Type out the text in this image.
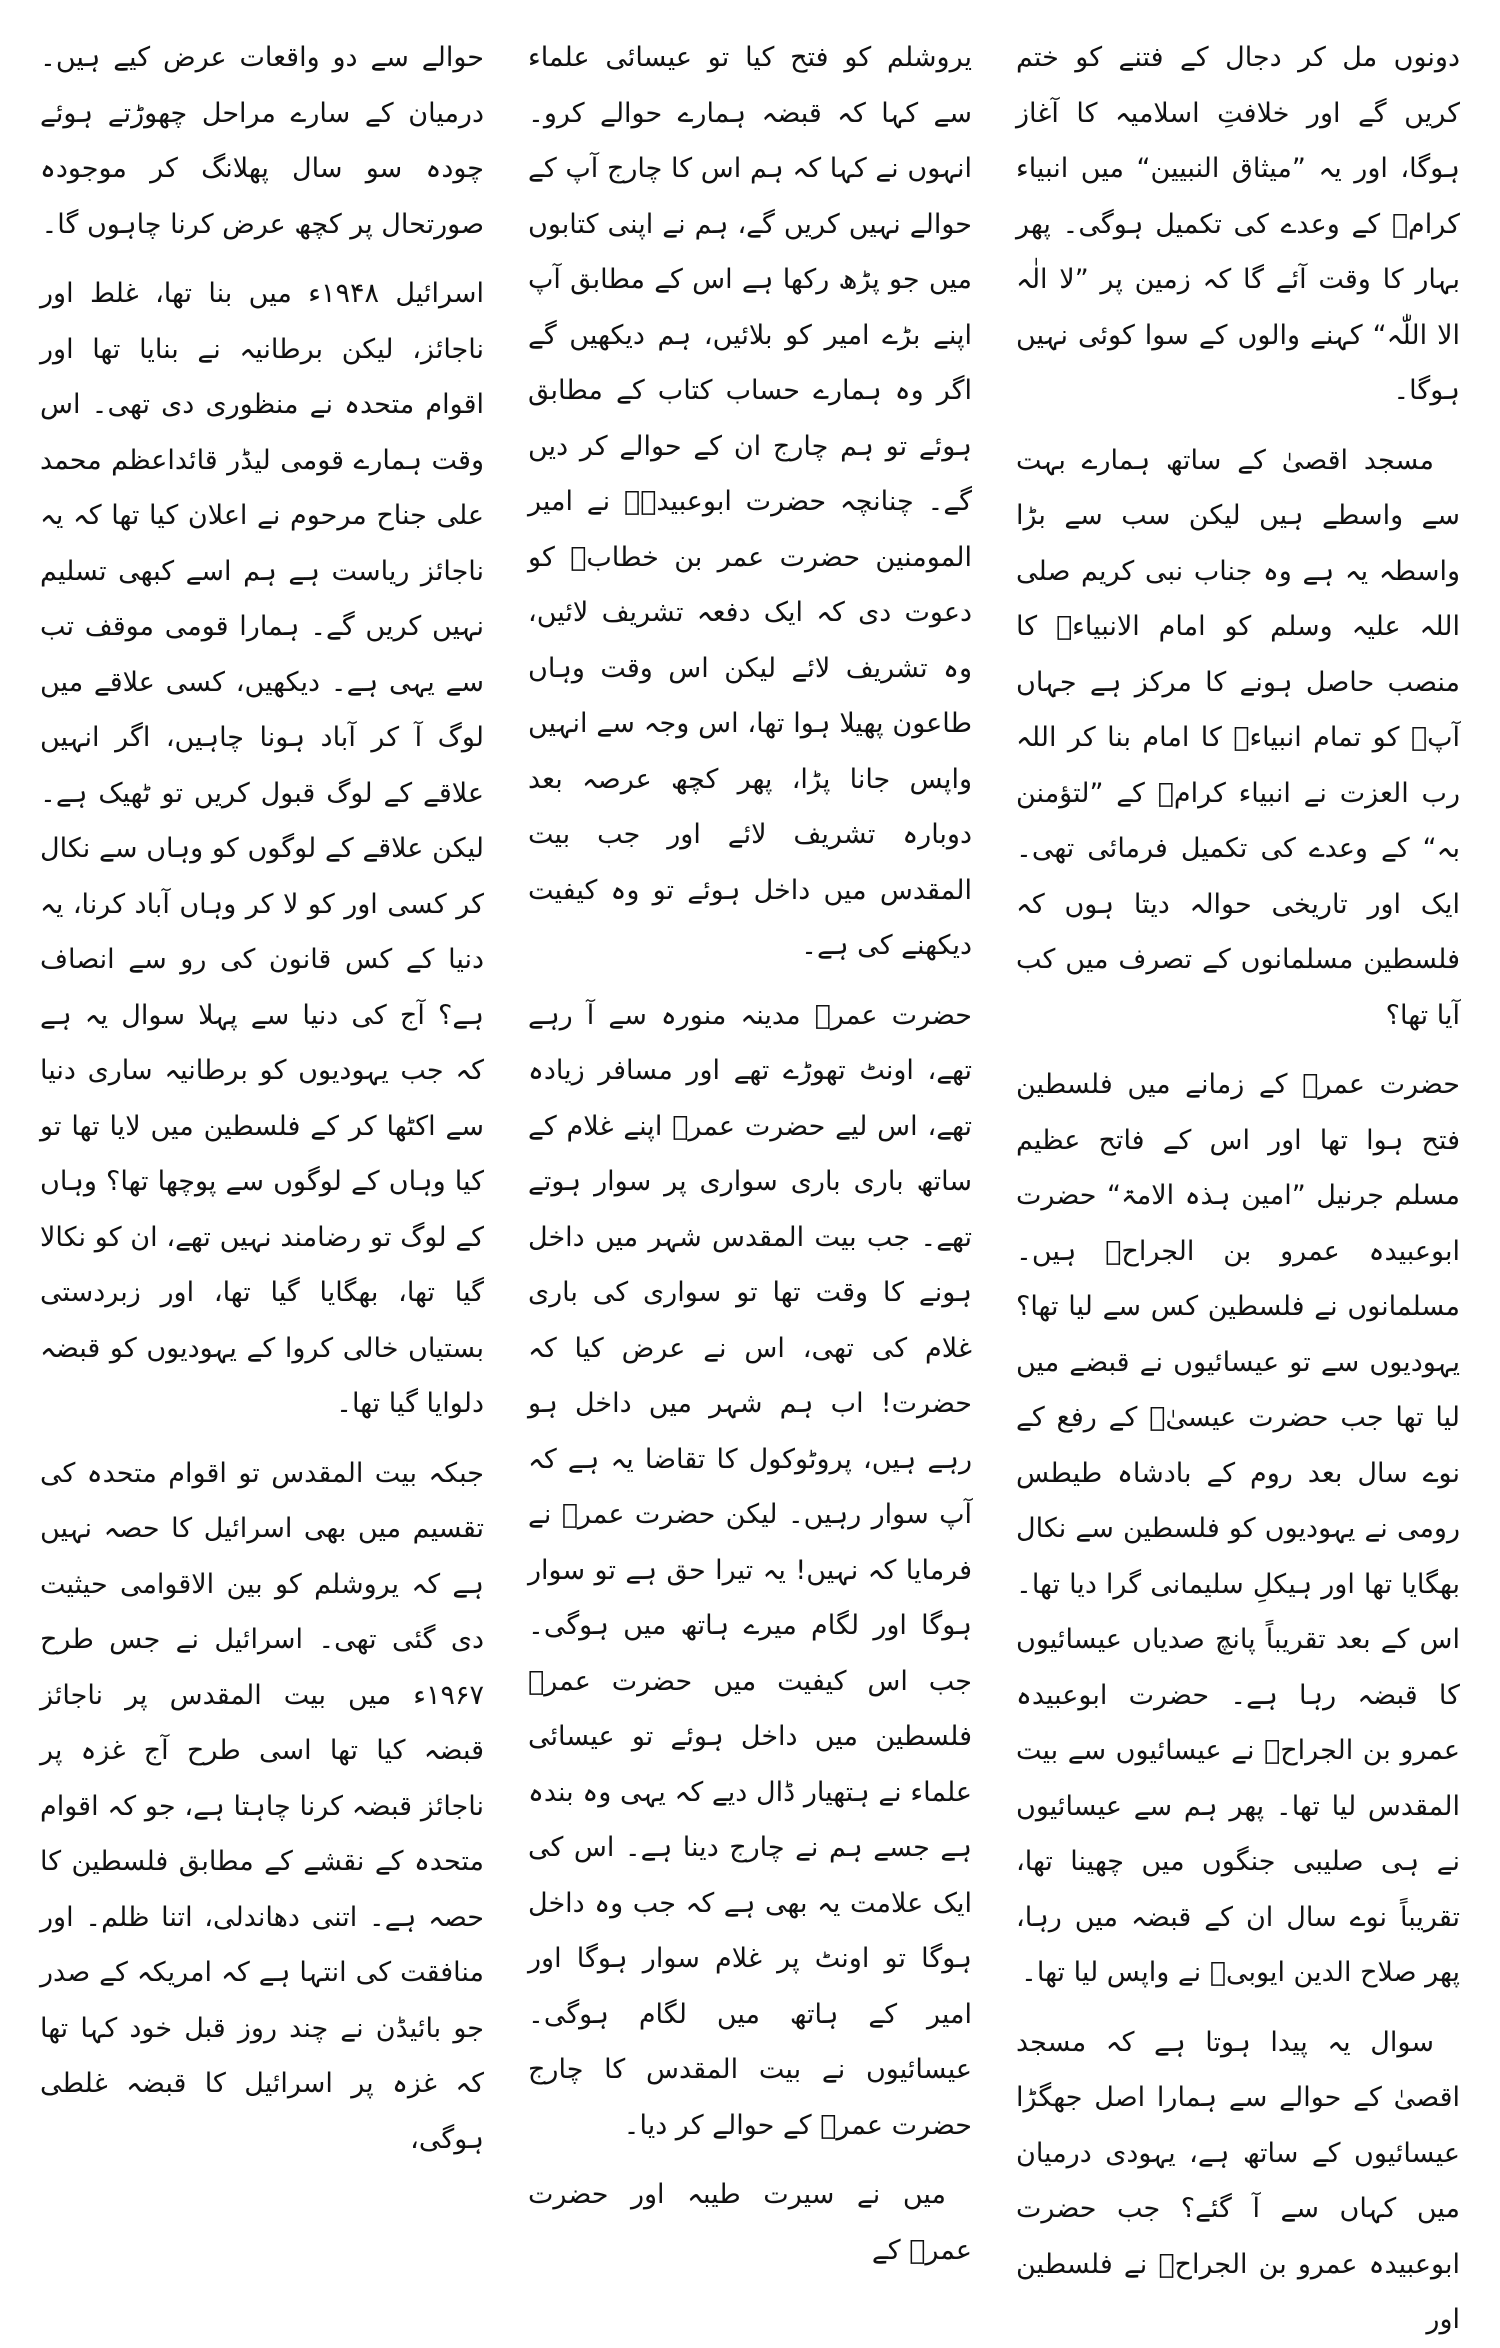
دونوں مل کر دجال کے فتنے کو ختم کریں گے اور خلافتِ اسلامیہ کا آغاز ہوگا، اور یہ ”میثاق النبیین“ میں انبیاء کرامؑ کے وعدے کی تکمیل ہوگی۔ پھر بہار کا وقت آئے گا کہ زمین پر ”لا الٰہ الا اللّٰہ“ کہنے والوں کے سوا کوئی نہیں ہوگا۔

مسجد اقصیٰ کے ساتھ ہمارے بہت سے واسطے ہیں لیکن سب سے بڑا واسطہ یہ ہے وہ جناب نبی کریم صلی اللہ علیہ وسلم کو امام الانبیاءؑ کا منصب حاصل ہونے کا مرکز ہے جہاں آپؐ کو تمام انبیاءؑ کا امام بنا کر اللہ رب العزت نے انبیاء کرامؑ کے ”لتؤمنن بہ“ کے وعدے کی تکمیل فرمائی تھی۔ ایک اور تاریخی حوالہ دیتا ہوں کہ فلسطین مسلمانوں کے تصرف میں کب آیا تھا؟

حضرت عمرؓ کے زمانے میں فلسطین فتح ہوا تھا اور اس کے فاتح عظیم مسلم جرنیل ”امین ہذہ الامۃ“ حضرت ابوعبیدہ عمرو بن الجراحؓ ہیں۔ مسلمانوں نے فلسطین کس سے لیا تھا؟ یہودیوں سے تو عیسائیوں نے قبضے میں لیا تھا جب حضرت عیسیٰؑ کے رفع کے نوے سال بعد روم کے بادشاہ طیطس رومی نے یہودیوں کو فلسطین سے نکال بھگایا تھا اور ہیکلِ سلیمانی گرا دیا تھا۔ اس کے بعد تقریباً پانچ صدیاں عیسائیوں کا قبضہ رہا ہے۔ حضرت ابوعبیدہ عمرو بن الجراحؓ نے عیسائیوں سے بیت المقدس لیا تھا۔ پھر ہم سے عیسائیوں نے ہی صلیبی جنگوں میں چھینا تھا، تقریباً نوے سال ان کے قبضہ میں رہا، پھر صلاح الدین ایوبیؒ نے واپس لیا تھا۔

سوال یہ پیدا ہوتا ہے کہ مسجد اقصیٰ کے حوالے سے ہمارا اصل جھگڑا عیسائیوں کے ساتھ ہے، یہودی درمیان میں کہاں سے آ گئے؟ جب حضرت ابوعبیدہ عمرو بن الجراحؓ نے فلسطین اور

یروشلم کو فتح کیا تو عیسائی علماء سے کہا کہ قبضہ ہمارے حوالے کرو۔ انہوں نے کہا کہ ہم اس کا چارج آپ کے حوالے نہیں کریں گے، ہم نے اپنی کتابوں میں جو پڑھ رکھا ہے اس کے مطابق آپ اپنے بڑے امیر کو بلائیں، ہم دیکھیں گے اگر وہ ہمارے حساب کتاب کے مطابق ہوئے تو ہم چارج ان کے حوالے کر دیں گے۔ چنانچہ حضرت ابوعبیدہؓ نے امیر المومنین حضرت عمر بن خطابؓ کو دعوت دی کہ ایک دفعہ تشریف لائیں، وہ تشریف لائے لیکن اس وقت وہاں طاعون پھیلا ہوا تھا، اس وجہ سے انہیں واپس جانا پڑا، پھر کچھ عرصہ بعد دوبارہ تشریف لائے اور جب بیت المقدس میں داخل ہوئے تو وہ کیفیت دیکھنے کی ہے۔

حضرت عمرؓ مدینہ منورہ سے آ رہے تھے، اونٹ تھوڑے تھے اور مسافر زیادہ تھے، اس لیے حضرت عمرؓ اپنے غلام کے ساتھ باری باری سواری پر سوار ہوتے تھے۔ جب بیت المقدس شہر میں داخل ہونے کا وقت تھا تو سواری کی باری غلام کی تھی، اس نے عرض کیا کہ حضرت! اب ہم شہر میں داخل ہو رہے ہیں، پروٹوکول کا تقاضا یہ ہے کہ آپ سوار رہیں۔ لیکن حضرت عمرؓ نے فرمایا کہ نہیں! یہ تیرا حق ہے تو سوار ہوگا اور لگام میرے ہاتھ میں ہوگی۔ جب اس کیفیت میں حضرت عمرؓ فلسطین میں داخل ہوئے تو عیسائی علماء نے ہتھیار ڈال دیے کہ یہی وہ بندہ ہے جسے ہم نے چارج دینا ہے۔ اس کی ایک علامت یہ بھی ہے کہ جب وہ داخل ہوگا تو اونٹ پر غلام سوار ہوگا اور امیر کے ہاتھ میں لگام ہوگی۔ عیسائیوں نے بیت المقدس کا چارج حضرت عمرؓ کے حوالے کر دیا۔

میں نے سیرت طیبہ اور حضرت عمرؓ کے

حوالے سے دو واقعات عرض کیے ہیں۔ درمیان کے سارے مراحل چھوڑتے ہوئے چودہ سو سال پھلانگ کر موجودہ صورتحال پر کچھ عرض کرنا چاہوں گا۔

اسرائیل ۱۹۴۸ء میں بنا تھا، غلط اور ناجائز، لیکن برطانیہ نے بنایا تھا اور اقوام متحدہ نے منظوری دی تھی۔ اس وقت ہمارے قومی لیڈر قائداعظم محمد علی جناح مرحوم نے اعلان کیا تھا کہ یہ ناجائز ریاست ہے ہم اسے کبھی تسلیم نہیں کریں گے۔ ہمارا قومی موقف تب سے یہی ہے۔ دیکھیں، کسی علاقے میں لوگ آ کر آباد ہونا چاہیں، اگر انہیں علاقے کے لوگ قبول کریں تو ٹھیک ہے۔ لیکن علاقے کے لوگوں کو وہاں سے نکال کر کسی اور کو لا کر وہاں آباد کرنا، یہ دنیا کے کس قانون کی رو سے انصاف ہے؟ آج کی دنیا سے پہلا سوال یہ ہے کہ جب یہودیوں کو برطانیہ ساری دنیا سے اکٹھا کر کے فلسطین میں لایا تھا تو کیا وہاں کے لوگوں سے پوچھا تھا؟ وہاں کے لوگ تو رضامند نہیں تھے، ان کو نکالا گیا تھا، بھگایا گیا تھا، اور زبردستی بستیاں خالی کروا کے یہودیوں کو قبضہ دلوایا گیا تھا۔

جبکہ بیت المقدس تو اقوام متحدہ کی تقسیم میں بھی اسرائیل کا حصہ نہیں ہے کہ یروشلم کو بین الاقوامی حیثیت دی گئی تھی۔ اسرائیل نے جس طرح ۱۹۶۷ء میں بیت المقدس پر ناجائز قبضہ کیا تھا اسی طرح آج غزہ پر ناجائز قبضہ کرنا چاہتا ہے، جو کہ اقوام متحدہ کے نقشے کے مطابق فلسطین کا حصہ ہے۔ اتنی دھاندلی، اتنا ظلم۔ اور منافقت کی انتہا ہے کہ امریکہ کے صدر جو بائیڈن نے چند روز قبل خود کہا تھا کہ غزہ پر اسرائیل کا قبضہ غلطی ہوگی،
